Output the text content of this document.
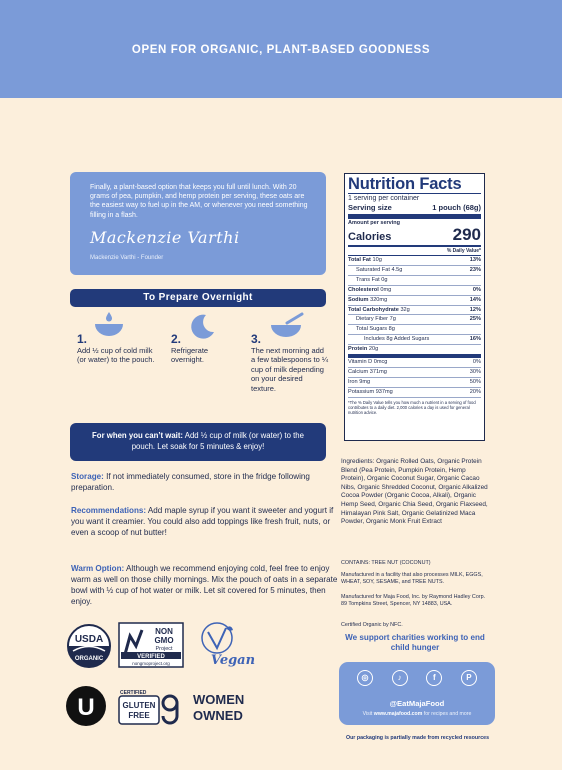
OPEN FOR ORGANIC, PLANT-BASED GOODNESS
Finally, a plant-based option that keeps you full until lunch. With 20 grams of pea, pumpkin, and hemp protein per serving, these oats are the easiest way to fuel up in the AM, or whenever you need something filling in a flash.
Mackenzie Varthi
Mackenzie Varthi - Founder
To Prepare Overnight
1.
Add ½ cup of cold milk (or water) to the pouch.
2.
Refrigerate overnight.
3.
The next morning add a few tablespoons to ¼ cup of milk depending on your desired texture.
For when you can’t wait: Add ½ cup of milk (or water) to the pouch. Let soak for 5 minutes & enjoy!
Storage: If not immediately consumed, store in the fridge following preparation.
Recommendations: Add maple syrup if you want it sweeter and yogurt if you want it creamier. You could also add toppings like fresh fruit, nuts, or even a scoop of nut butter!
Warm Option: Although we recommend enjoying cold, feel free to enjoy warm as well on those chilly mornings. Mix the pouch of oats in a separate bowl with ½ cup of hot water or milk. Let sit covered for 5 minutes, then enjoy.
USDA
ORGANIC
NON
GMO
Project
VERIFIED
nongmoproject.org	Vegan
U
CERTIFIED
GLUTEN
FREE
WOMEN
OWNED
Nutrition Facts
1 serving per container
Serving size	1 pouch (68g)
Amount per serving
Calories	290
% Daily Value*
Total Fat 10g	13%
Saturated Fat 4.5g	23%
Trans Fat 0g
Cholesterol 0mg	0%
Sodium 320mg	14%
Total Carbohydrate 32g	12%
Dietary Fiber 7g	25%
Total Sugars 8g
Includes 8g Added Sugars	16%
Protein 20g
Vitamin D 0mcg	0%
Calcium 371mg	30%
Iron 9mg	50%
Potassium 937mg	20%
*The % Daily Value tells you how much a nutrient in a serving of food contributes to a daily diet. 2,000 calories a day is used for general nutrition advice.
Ingredients: Organic Rolled Oats, Organic Protein Blend (Pea Protein, Pumpkin Protein, Hemp Protein), Organic Coconut Sugar, Organic Cacao Nibs, Organic Shredded Coconut, Organic Alkalized Cocoa Powder (Organic Cocoa, Alkali), Organic Hemp Seed, Organic Chia Seed, Organic Flaxseed, Himalayan Pink Salt, Organic Gelatinized Maca Powder, Organic Monk Fruit Extract
CONTAINS: TREE NUT (COCONUT)
Manufactured in a facility that also processes MILK, EGGS, WHEAT, SOY, SESAME, and TREE NUTS.
Manufactured for Maja Food, Inc. by Raymond Hadley Corp. 89 Tompkins Street, Spencer, NY 14883, USA.
Certified Organic by NFC.
We support charities working to end child hunger
◎	♪	f	P
@EatMajaFood
Visit www.majafood.com for recipes and more
Our packaging is partially made from recycled resources
